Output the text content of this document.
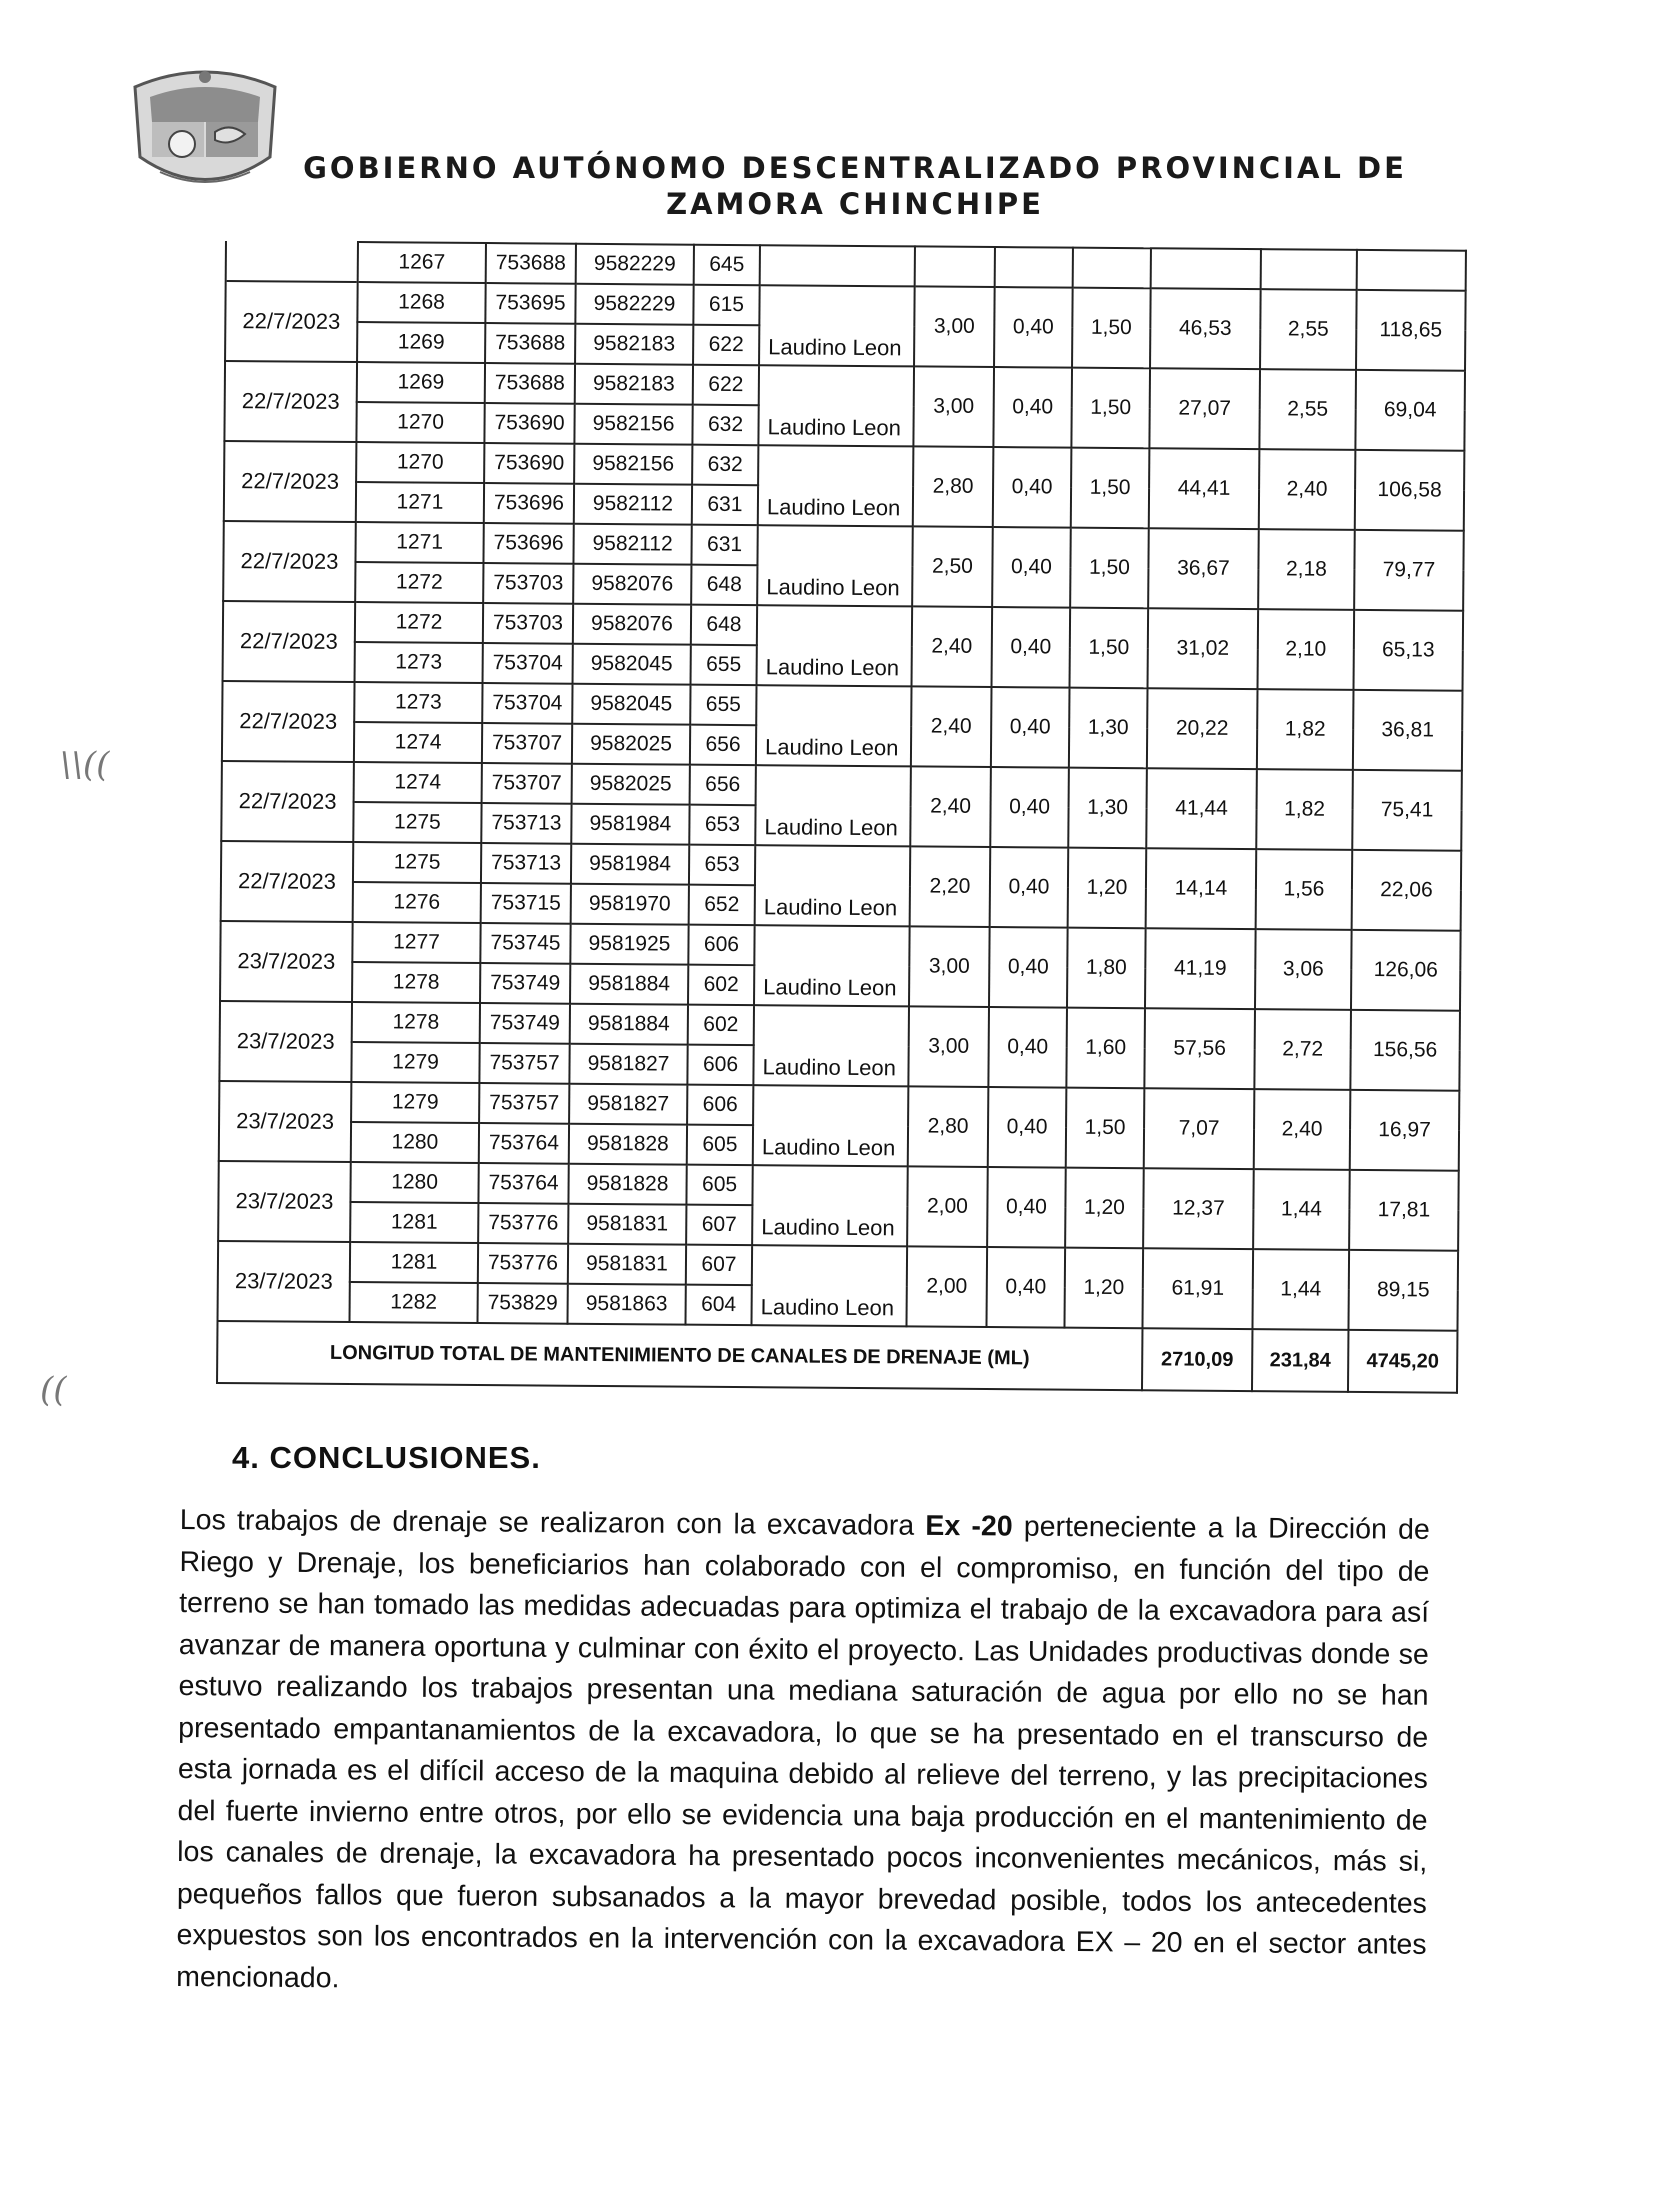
GOBIERNO AUTÓNOMO DESCENTRALIZADO PROVINCIAL DE
ZAMORA CHINCHIPE
	1267	753688	9582229	645							
22/7/2023	1268	753695	9582229	615	Laudino Leon	3,00	0,40	1,50	46,53	2,55	118,65
	1269	753688	9582183	622							
22/7/2023	1269	753688	9582183	622	Laudino Leon	3,00	0,40	1,50	27,07	2,55	69,04
	1270	753690	9582156	632							
22/7/2023	1270	753690	9582156	632	Laudino Leon	2,80	0,40	1,50	44,41	2,40	106,58
	1271	753696	9582112	631							
22/7/2023	1271	753696	9582112	631	Laudino Leon	2,50	0,40	1,50	36,67	2,18	79,77
	1272	753703	9582076	648							
22/7/2023	1272	753703	9582076	648	Laudino Leon	2,40	0,40	1,50	31,02	2,10	65,13
	1273	753704	9582045	655							
22/7/2023	1273	753704	9582045	655	Laudino Leon	2,40	0,40	1,30	20,22	1,82	36,81
	1274	753707	9582025	656							
22/7/2023	1274	753707	9582025	656	Laudino Leon	2,40	0,40	1,30	41,44	1,82	75,41
	1275	753713	9581984	653							
22/7/2023	1275	753713	9581984	653	Laudino Leon	2,20	0,40	1,20	14,14	1,56	22,06
	1276	753715	9581970	652							
23/7/2023	1277	753745	9581925	606	Laudino Leon	3,00	0,40	1,80	41,19	3,06	126,06
	1278	753749	9581884	602							
23/7/2023	1278	753749	9581884	602	Laudino Leon	3,00	0,40	1,60	57,56	2,72	156,56
	1279	753757	9581827	606							
23/7/2023	1279	753757	9581827	606	Laudino Leon	2,80	0,40	1,50	7,07	2,40	16,97
	1280	753764	9581828	605							
23/7/2023	1280	753764	9581828	605	Laudino Leon	2,00	0,40	1,20	12,37	1,44	17,81
	1281	753776	9581831	607							
23/7/2023	1281	753776	9581831	607	Laudino Leon	2,00	0,40	1,20	61,91	1,44	89,15
	1282	753829	9581863	604							
LONGITUD TOTAL DE MANTENIMIENTO DE CANALES DE DRENAJE (ML)									2710,09	231,84	4745,20
4. CONCLUSIONES.
Los trabajos de drenaje se realizaron con la excavadora Ex -20 perteneciente a la Dirección de Riego y Drenaje, los beneficiarios han colaborado con el compromiso, en función del tipo de terreno se han tomado las medidas adecuadas para optimiza el trabajo de la excavadora para así avanzar de manera oportuna y culminar con éxito el proyecto. Las Unidades productivas donde se estuvo realizando los trabajos presentan una mediana saturación de agua por ello no se han presentado empantanamientos de la excavadora, lo que se ha presentado en el transcurso de esta jornada es el difícil acceso de la maquina debido al relieve del terreno, y las precipitaciones del fuerte invierno entre otros, por ello se evidencia una baja producción en el mantenimiento de los canales de drenaje, la excavadora ha presentado pocos inconvenientes mecánicos, más si, pequeños fallos que fueron subsanados a la mayor brevedad posible, todos los antecedentes expuestos son los encontrados en la intervención con la excavadora EX – 20 en el sector antes mencionado.
\\((
((
